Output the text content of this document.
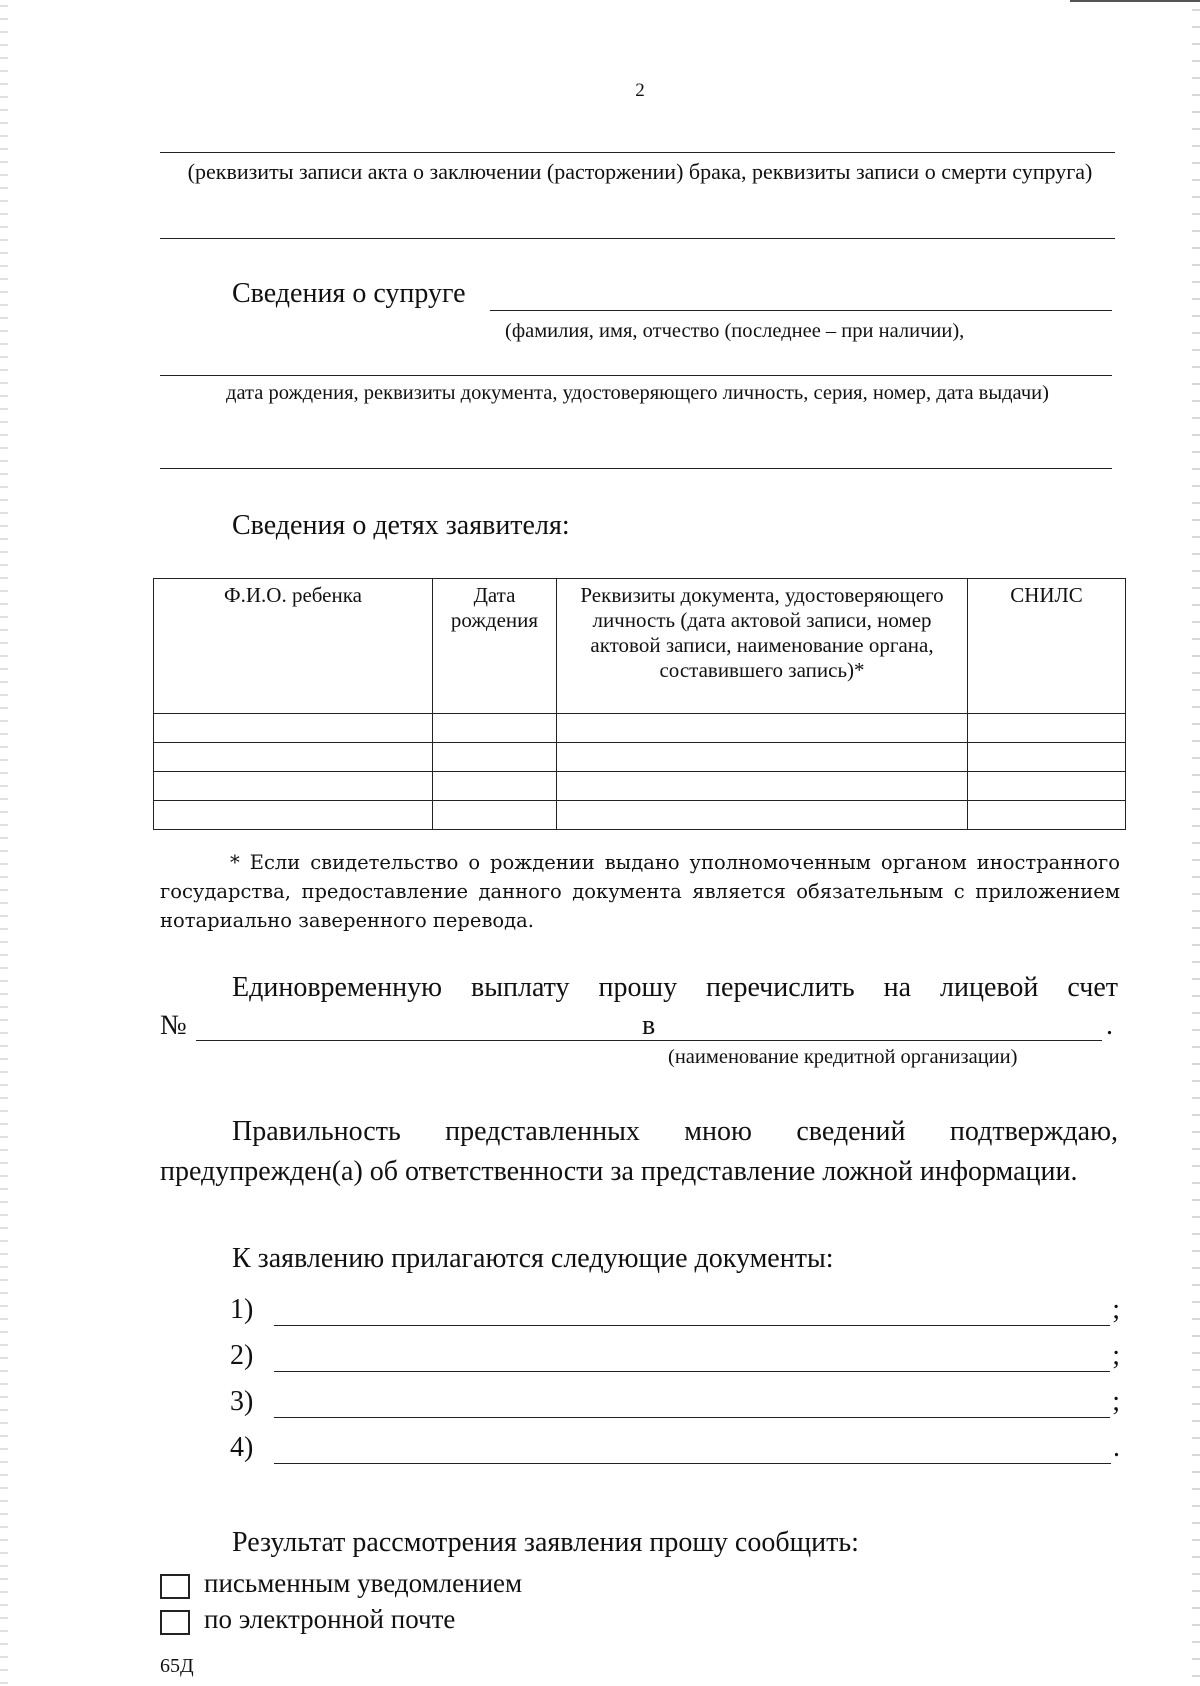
2
(реквизиты записи акта о заключении (расторжении) брака, реквизиты записи о смерти супруга)
Сведения о супруге
(фамилия, имя, отчество (последнее – при наличии),
дата рождения, реквизиты документа, удостоверяющего личность, серия, номер, дата выдачи)
Сведения о детях заявителя:
Ф.И.О. ребенка	Дата рождения	Реквизиты документа, удостоверяющего личность (дата актовой записи, номер актовой записи, наименование органа, составившего запись)*	СНИЛС

* Если свидетельство о рождении выдано уполномоченным органом иностранного государства, предоставление данного документа является обязательным с приложением нотариально заверенного перевода.
Единовременную выплату прошу перечислить на лицевой счет
№	в	.
(наименование кредитной организации)
Правильность представленных мною сведений подтверждаю, предупрежден(а) об ответственности за представление ложной информации.
К заявлению прилагаются следующие документы:
1)	;
2)	;
3)	;
4)	.
Результат рассмотрения заявления прошу сообщить:
письменным уведомлением
по электронной почте
65Д
